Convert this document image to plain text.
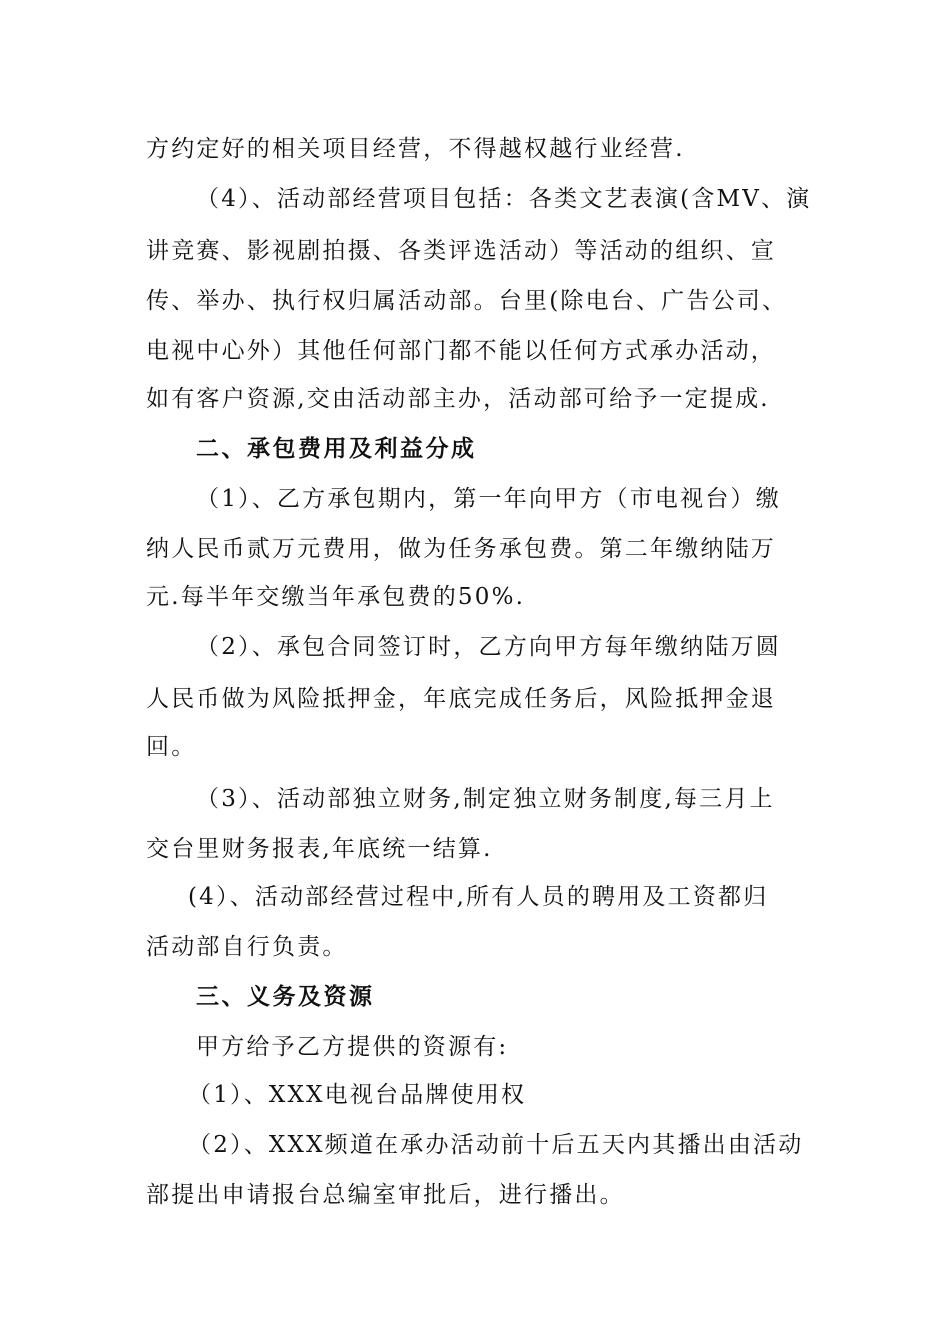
方约定好的相关项目经营，不得越权越行业经营.
（4）、活动部经营项目包括：各类文艺表演(含MV、演
讲竞赛、影视剧拍摄、各类评选活动）等活动的组织、宣
传、举办、执行权归属活动部。台里(除电台、广告公司、
电视中心外）其他任何部门都不能以任何方式承办活动，
如有客户资源,交由活动部主办，活动部可给予一定提成.
二、承包费用及利益分成
（1）、乙方承包期内，第一年向甲方（市电视台）缴
纳人民币贰万元费用，做为任务承包费。第二年缴纳陆万
元.每半年交缴当年承包费的50%.
（2）、承包合同签订时，乙方向甲方每年缴纳陆万圆
人民币做为风险抵押金，年底完成任务后，风险抵押金退
回。
（3）、活动部独立财务,制定独立财务制度,每三月上
交台里财务报表,年底统一结算.
(4）、活动部经营过程中,所有人员的聘用及工资都归
活动部自行负责。
三、义务及资源
甲方给予乙方提供的资源有:
（1）、XXX电视台品牌使用权
（2）、XXX频道在承办活动前十后五天内其播出由活动
部提出申请报台总编室审批后，进行播出。
